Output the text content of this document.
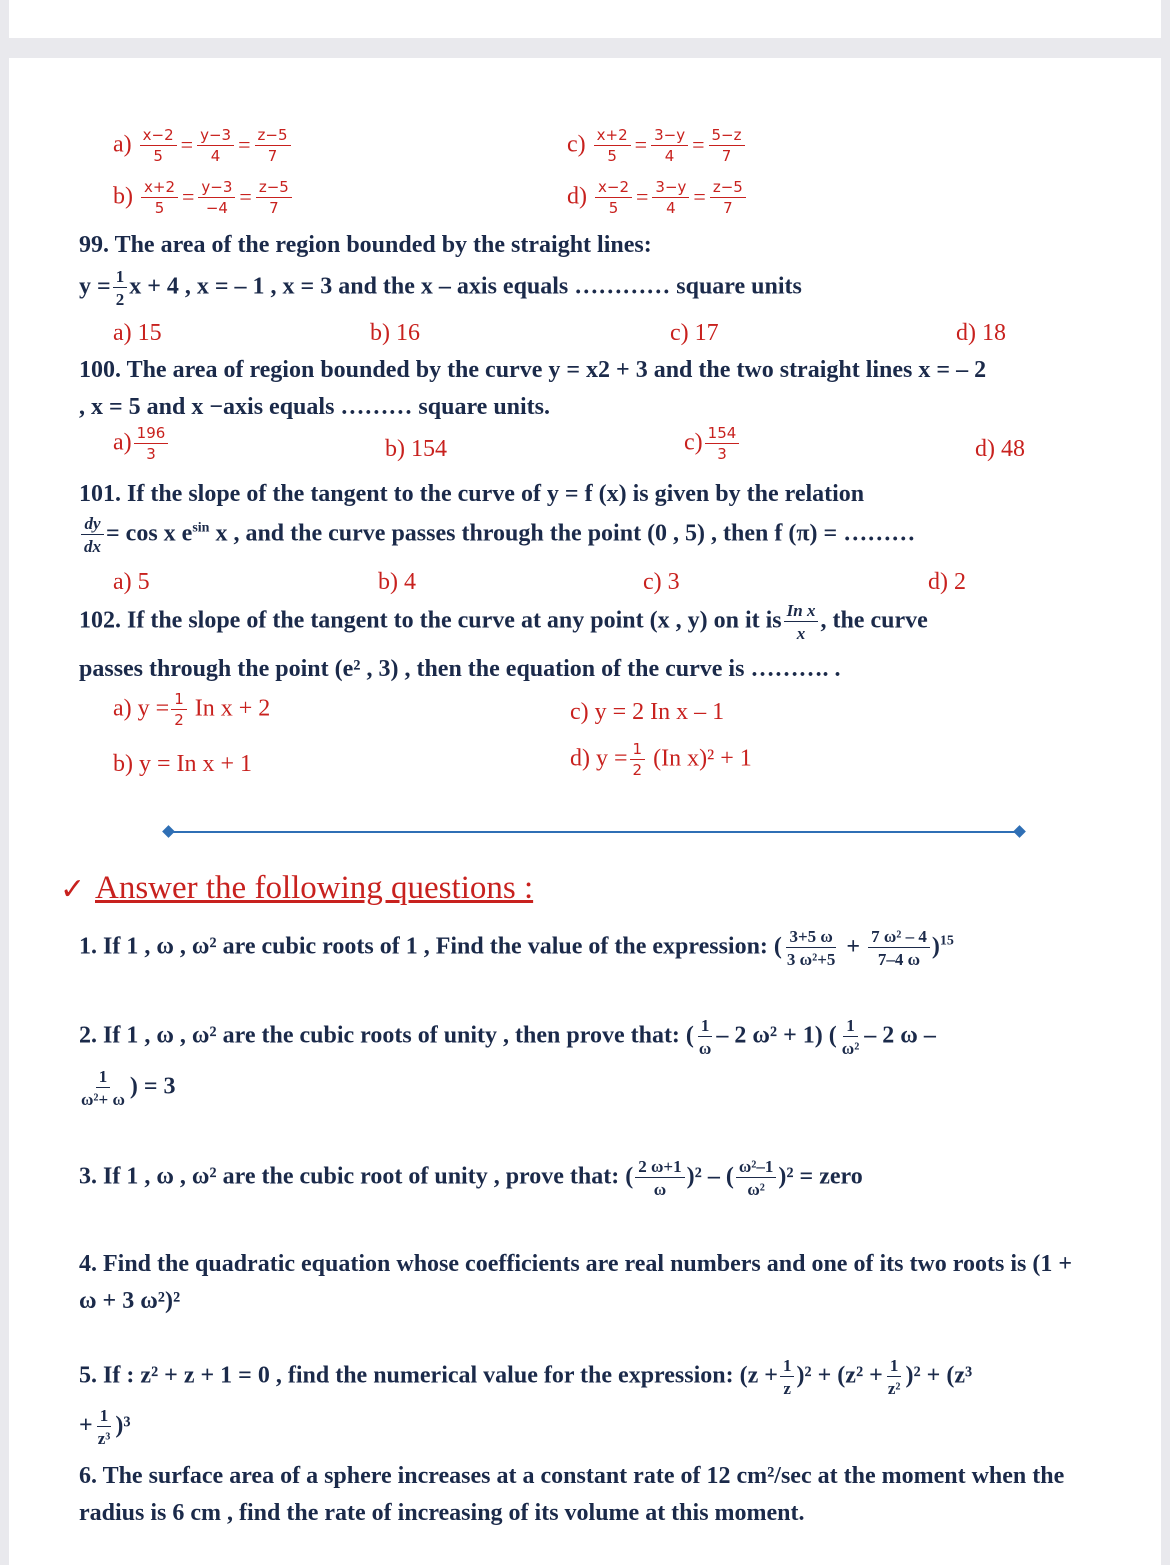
$a) \frac{x-2}{5} = \frac{y-3}{4} = \frac{z-5}{7}$
$b) \frac{x+2}{5} = \frac{y-3}{-4} = \frac{z-5}{7}$
$c) \frac{x+2}{5} = \frac{3-y}{4} = \frac{5-z}{7}$
$d) \frac{x-2}{5} = \frac{3-y}{4} = \frac{z-5}{7}$
99. The area of the region bounded by the straight lines:
$y = \frac{1}{2}$ x + 4 , x = – 1 , x = 3 and the x – axis equals ………… square units
a) 15	b) 16	c) 17	d) 18
100. The area of region bounded by the curve y = x2 + 3 and the two straight lines x = – 2
, x = 5 and x −axis equals ……… square units.
$a) \frac{196}{3}$	b) 154	$c) \frac{154}{3}$	d) 48
101. If the slope of the tangent to the curve of y = f (x) is given by the relation
$\frac{dy}{dx} = \cos x$ $e^{sin}$ x , and the curve passes through the point (0 , 5) , then f (π) = ………
a) 5	b) 4	c) 3	d) 2
102. If the slope of the tangent to the curve at any point (x , y) on it is $\frac{\text{In x}}{x}$ , the curve
passes through the point (e² , 3) , then the equation of the curve is ………. .
a) $y = \frac{1}{2}$ In x + 2
b) y = In x + 1
c) y = 2 In x – 1
d) $y = \frac{1}{2} (In$ x)² + 1
✓ Answer the following questions :
1. If 1 , ω , ω² are cubic roots of 1 , Find the value of the expression: ( $\frac{3+5 \omega}{\text{3 ω²+5}} + \frac{\text{7 ω² – 4}}{7-4 \omega} )^{15}$
2. If 1 , ω , ω² are the cubic roots of unity , then prove that: ( $\frac{1}{\omega} - 2$ ω² + 1) ( $\frac{1}{\text{ω²}} - 2$ ω –
$\frac{1}{\text{ω²+ ω}}$ ) = 3
3. If 1 , ω , ω² are the cubic root of unity , prove that: ( $\frac{2 \omega+1}{\omega} )^2$ – ( $\frac{\text{ω²–1}}{\text{ω²}} )^2$ = zero
4. Find the quadratic equation whose coefficients are real numbers and one of its two roots is (1 + ω + 3 ω²)²
5. If : z² + z + 1 = 0 , find the numerical value for the expression: $(z + \frac{1}{z} )^2 + (z^2 + \frac{1}{\text{z²}} )^2 + (z^3$
+ $\frac{1}{\text{z³}} )^3$
6. The surface area of a sphere increases at a constant rate of 12 cm²/sec at the moment when the radius is 6 cm , find the rate of increasing of its volume at this moment.
